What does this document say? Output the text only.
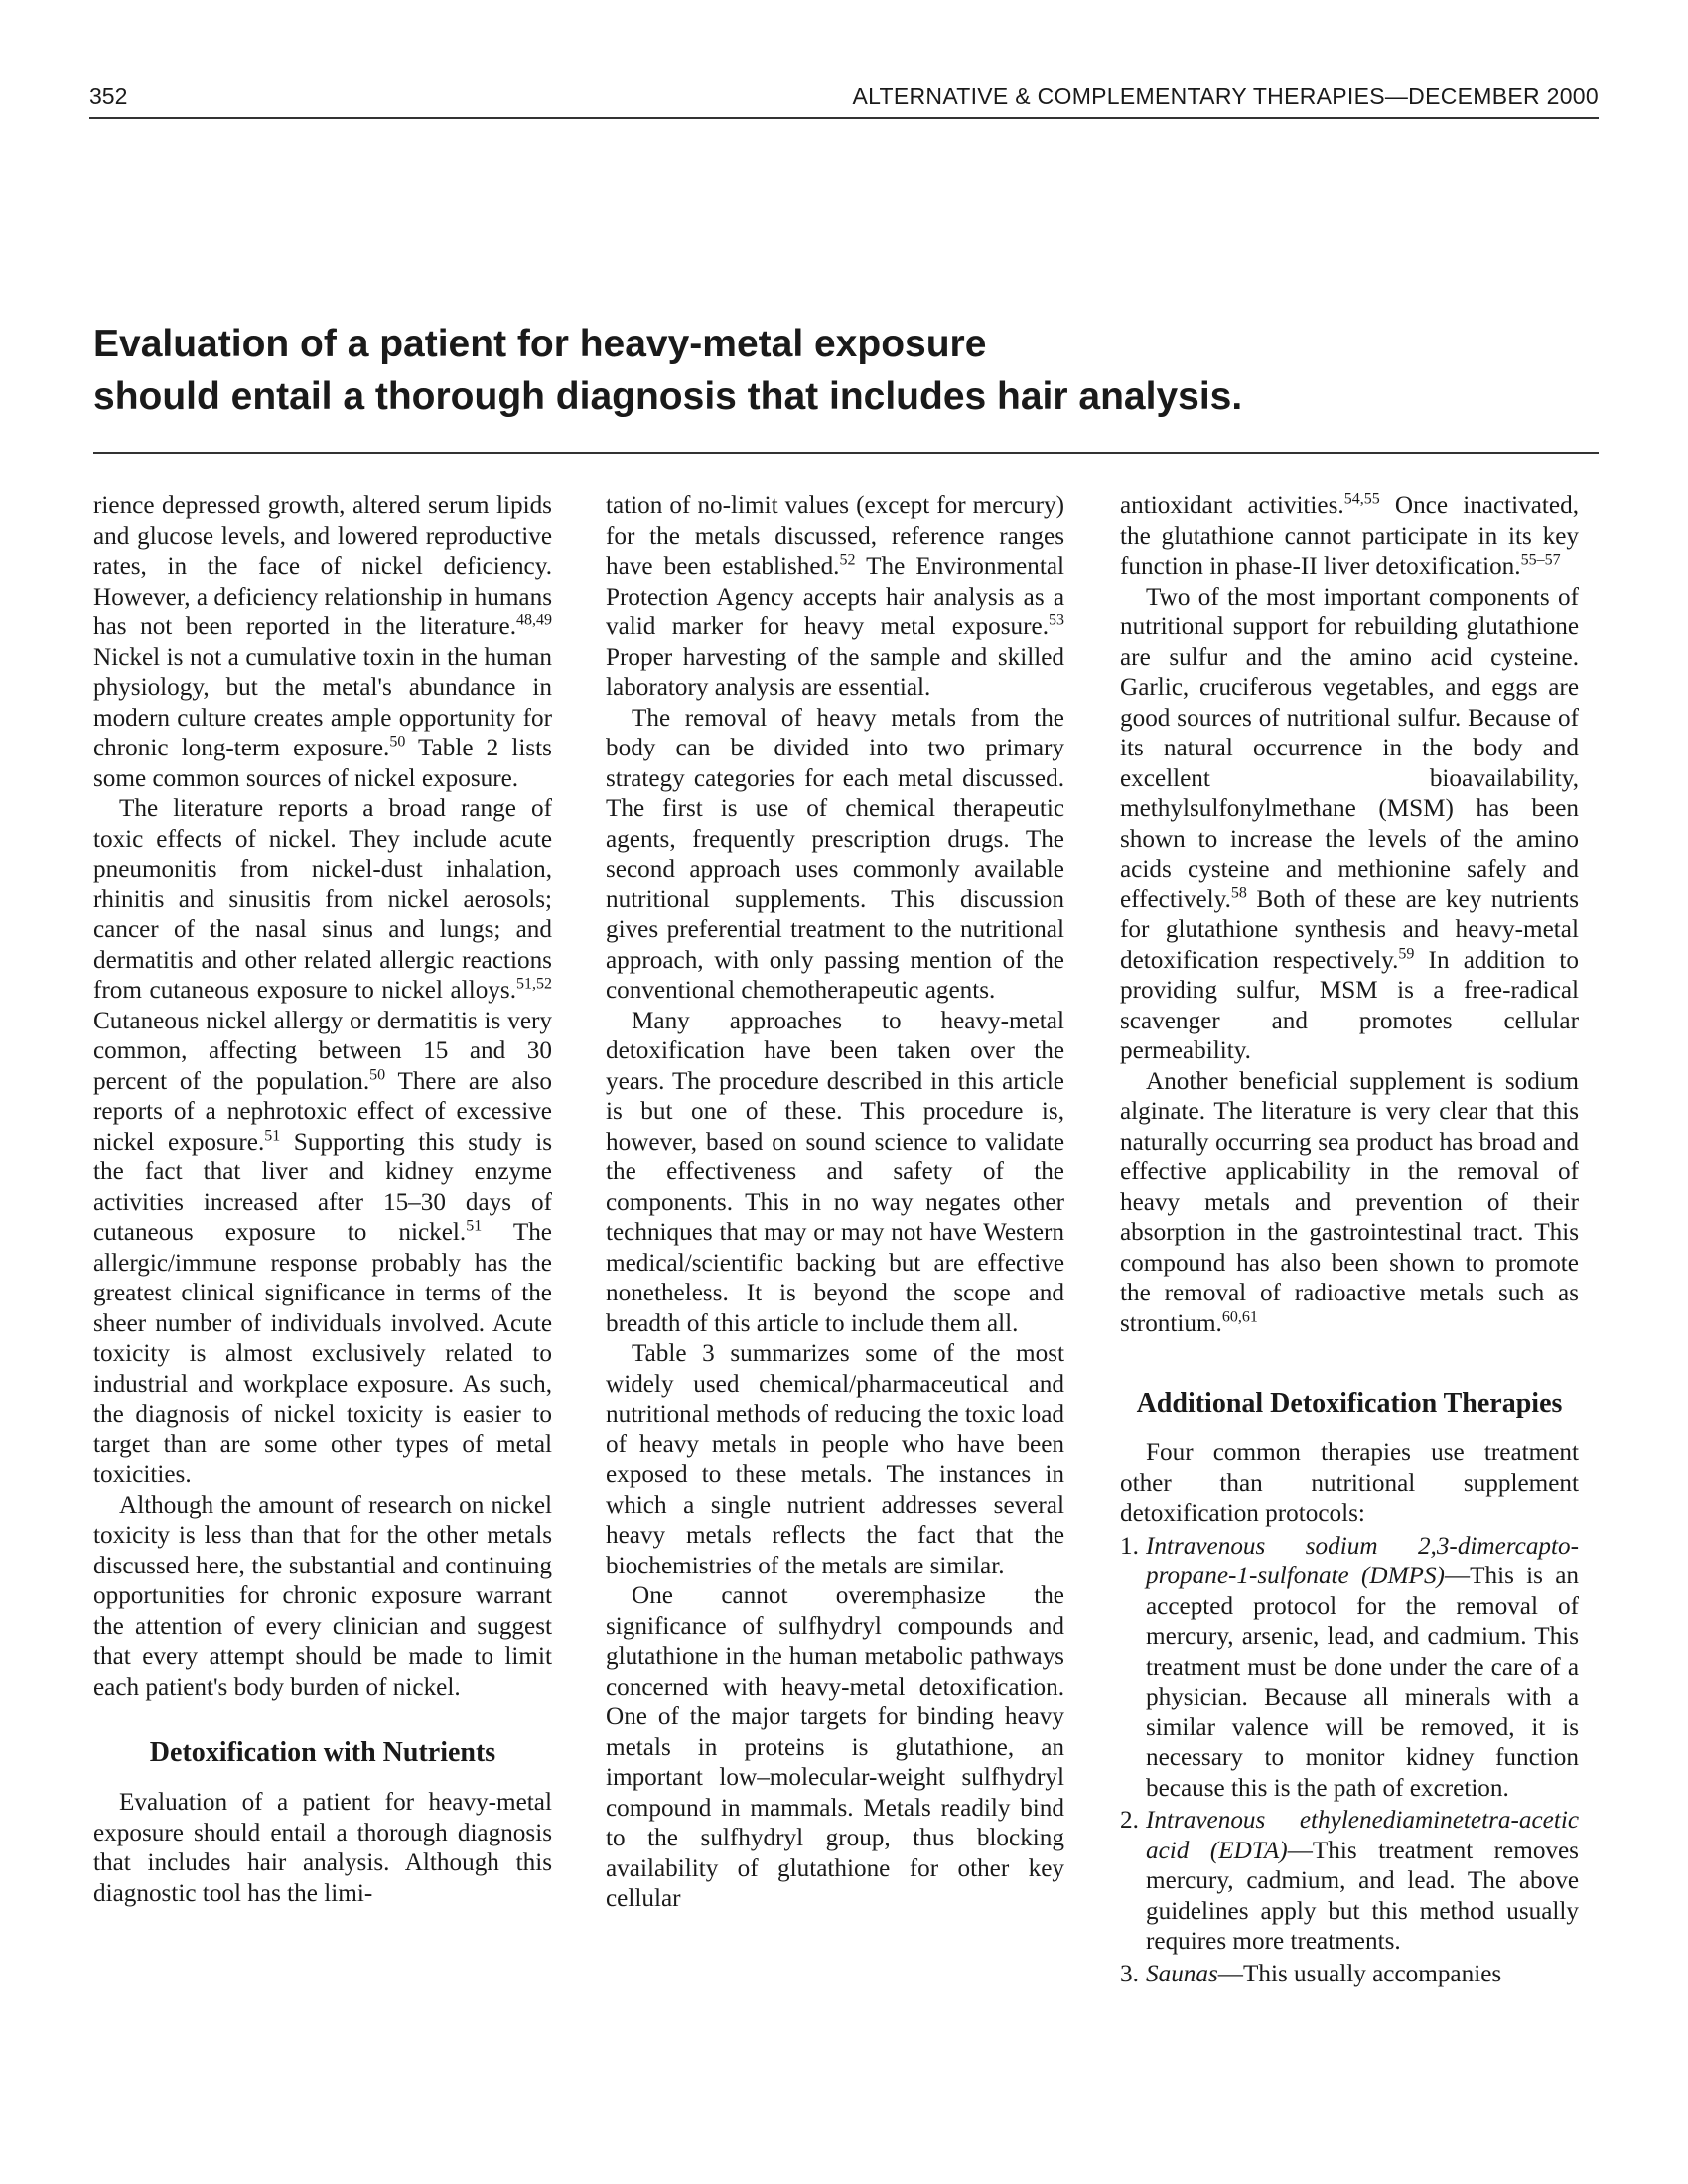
352	ALTERNATIVE & COMPLEMENTARY THERAPIES—DECEMBER 2000
Evaluation of a patient for heavy-metal exposure
should entail a thorough diagnosis that includes hair analysis.

rience depressed growth, altered serum lipids and glucose levels, and lowered reproductive rates, in the face of nickel deficiency. However, a deficiency relationship in humans has not been reported in the literature.$^{48,49}$ Nickel is not a cumulative toxin in the human physiology, but the metal's abundance in modern culture creates ample opportunity for chronic long-term exposure.$^{50}$ Table 2 lists some common sources of nickel exposure.

The literature reports a broad range of toxic effects of nickel. They include acute pneumonitis from nickel-dust inhalation, rhinitis and sinusitis from nickel aerosols; cancer of the nasal sinus and lungs; and dermatitis and other related allergic reactions from cutaneous exposure to nickel alloys.$^{51,52}$ Cutaneous nickel allergy or dermatitis is very common, affecting between 15 and 30 percent of the population.$^{50}$ There are also reports of a nephrotoxic effect of excessive nickel exposure.$^{51}$ Supporting this study is the fact that liver and kidney enzyme activities increased after 15–30 days of cutaneous exposure to nickel.$^{51}$ The allergic/immune response probably has the greatest clinical significance in terms of the sheer number of individuals involved. Acute toxicity is almost exclusively related to industrial and workplace exposure. As such, the diagnosis of nickel toxicity is easier to target than are some other types of metal toxicities.

Although the amount of research on nickel toxicity is less than that for the other metals discussed here, the substantial and continuing opportunities for chronic exposure warrant the attention of every clinician and suggest that every attempt should be made to limit each patient's body burden of nickel.

Detoxification with Nutrients

Evaluation of a patient for heavy-metal exposure should entail a thorough diagnosis that includes hair analysis. Although this diagnostic tool has the limi-

tation of no-limit values (except for mercury) for the metals discussed, reference ranges have been established.$^{52}$ The Environmental Protection Agency accepts hair analysis as a valid marker for heavy metal exposure.$^{53}$ Proper harvesting of the sample and skilled laboratory analysis are essential.

The removal of heavy metals from the body can be divided into two primary strategy categories for each metal discussed. The first is use of chemical therapeutic agents, frequently prescription drugs. The second approach uses commonly available nutritional supplements. This discussion gives preferential treatment to the nutritional approach, with only passing mention of the conventional chemotherapeutic agents.

Many approaches to heavy-metal detoxification have been taken over the years. The procedure described in this article is but one of these. This procedure is, however, based on sound science to validate the effectiveness and safety of the components. This in no way negates other techniques that may or may not have Western medical/scientific backing but are effective nonetheless. It is beyond the scope and breadth of this article to include them all.

Table 3 summarizes some of the most widely used chemical/pharmaceutical and nutritional methods of reducing the toxic load of heavy metals in people who have been exposed to these metals. The instances in which a single nutrient addresses several heavy metals reflects the fact that the biochemistries of the metals are similar.

One cannot overemphasize the significance of sulfhydryl compounds and glutathione in the human metabolic pathways concerned with heavy-metal detoxification. One of the major targets for binding heavy metals in proteins is glutathione, an important low–molecular-weight sulfhydryl compound in mammals. Metals readily bind to the sulfhydryl group, thus blocking availability of glutathione for other key cellular

antioxidant activities.$^{54,55}$ Once inactivated, the glutathione cannot participate in its key function in phase-II liver detoxification.$^{55-57}$

Two of the most important components of nutritional support for rebuilding glutathione are sulfur and the amino acid cysteine. Garlic, cruciferous vegetables, and eggs are good sources of nutritional sulfur. Because of its natural occurrence in the body and excellent bioavailability, methylsulfonylmethane (MSM) has been shown to increase the levels of the amino acids cysteine and methionine safely and effectively.$^{58}$ Both of these are key nutrients for glutathione synthesis and heavy-metal detoxification respectively.$^{59}$ In addition to providing sulfur, MSM is a free-radical scavenger and promotes cellular permeability.

Another beneficial supplement is sodium alginate. The literature is very clear that this naturally occurring sea product has broad and effective applicability in the removal of heavy metals and prevention of their absorption in the gastrointestinal tract. This compound has also been shown to promote the removal of radioactive metals such as strontium.$^{60,61}$

Additional Detoxification Therapies

Four common therapies use treatment other than nutritional supplement detoxification protocols:

1. Intravenous sodium 2,3-dimercapto-propane-1-sulfonate (DMPS)—This is an accepted protocol for the removal of mercury, arsenic, lead, and cadmium. This treatment must be done under the care of a physician. Because all minerals with a similar valence will be removed, it is necessary to monitor kidney function because this is the path of excretion.
2. Intravenous ethylenediaminetetra-acetic acid (EDTA)—This treatment removes mercury, cadmium, and lead. The above guidelines apply but this method usually requires more treatments.
3. Saunas—This usually accompanies
